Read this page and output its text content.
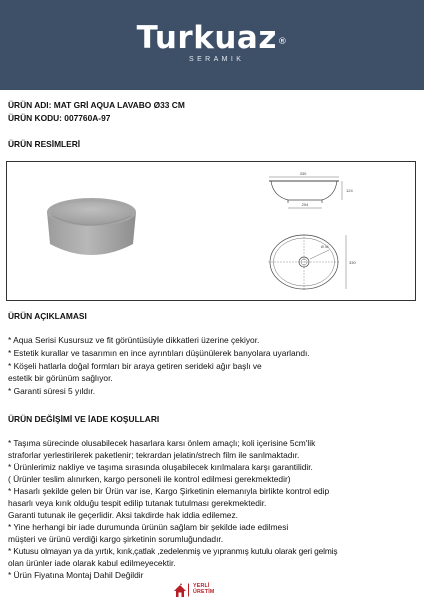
Turkuaz®
SERAMIK
ÜRÜN ADI: MAT GRİ AQUA LAVABO Ø33 CM
ÜRÜN KODU: 007760A-97
ÜRÜN RESİMLERİ
330
204
124
330
Ø 44
ÜRÜN AÇIKLAMASI
* Aqua Serisi Kusursuz ve fit görüntüsüyle dikkatleri üzerine çekiyor.
* Estetik kurallar ve tasarımın en ince ayrıntıları düşünülerek banyolara uyarlandı.
* Köşeli hatlarla doğal formları bir araya getiren serideki ağır başlı ve
estetik bir görünüm sağlıyor.
* Garanti süresi 5 yıldır.
ÜRÜN DEĞİŞİMİ VE İADE KOŞULLARI
* Taşıma sürecinde olusabilecek hasarlara karsı önlem amaçlı; koli içerisine 5cm'lik
straforlar yerlestirilerek paketlenir; tekrardan jelatin/strech film ile sarılmaktadır.
* Ürünlerimiz nakliye ve taşıma sırasında oluşabilecek kırılmalara karşı garantilidir.
( Ürünler teslim alınırken, kargo personeli ile kontrol edilmesi gerekmektedir)
* Hasarlı şekilde gelen bir Ürün var ise, Kargo Şirketinin elemanıyla birlikte kontrol edip
hasarlı veya kırık olduğu tespit edilip tutanak tutulması gerekmektedir.
Garanti tutunak ile geçerlidir. Aksi takdirde hak iddia edilemez.
* Yine herhangi bir iade durumunda ürünün sağlam bir şekilde iade edilmesi
müşteri ve ürünü verdiği kargo şirketinin sorumluğundadır.
* Kutusu olmayan ya da yırtık, kırık,çatlak ,zedelenmiş ve yıpranmış kutulu olarak geri gelmiş
olan ürünler iade olarak kabul edilmeyecektir.
* Ürün Fiyatına Montaj Dahil Değildir
YERLİ
ÜRETİM
